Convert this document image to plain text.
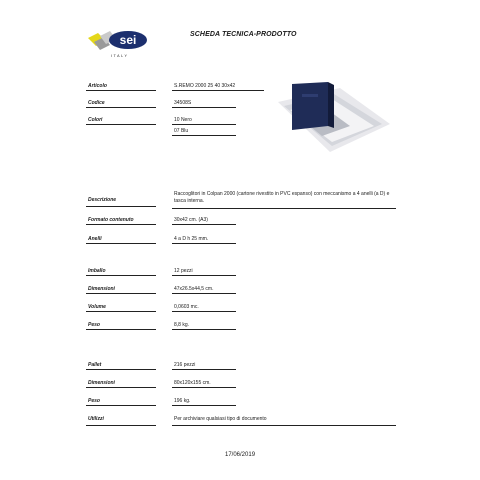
sei
ITALY
SCHEDA TECNICA-PRODOTTO
Articolo	S.REMO 2000 25 40 30x42
Codice	34508S
Colori	10 Nero
07 Blu
Raccoglitori in Colpan 2000 (cartone rivestito in PVC espanso) con meccanismo a 4 anelli (a D) e
Descrizione	tasca interna.
Formato contenuto	30x42 cm. (A3)
Anelli	4 a D h 25 mm.
Imballo	12 pezzi
Dimensioni	47x26.5x44,5 cm.
Volume	0,0603 mc.
Peso	8,8 kg.
Pallet	216 pezzi
Dimensioni	80x120x155 cm.
Peso	196 kg.
Utilizzi	Per archiviare qualsiasi tipo di documento
17/06/2019
